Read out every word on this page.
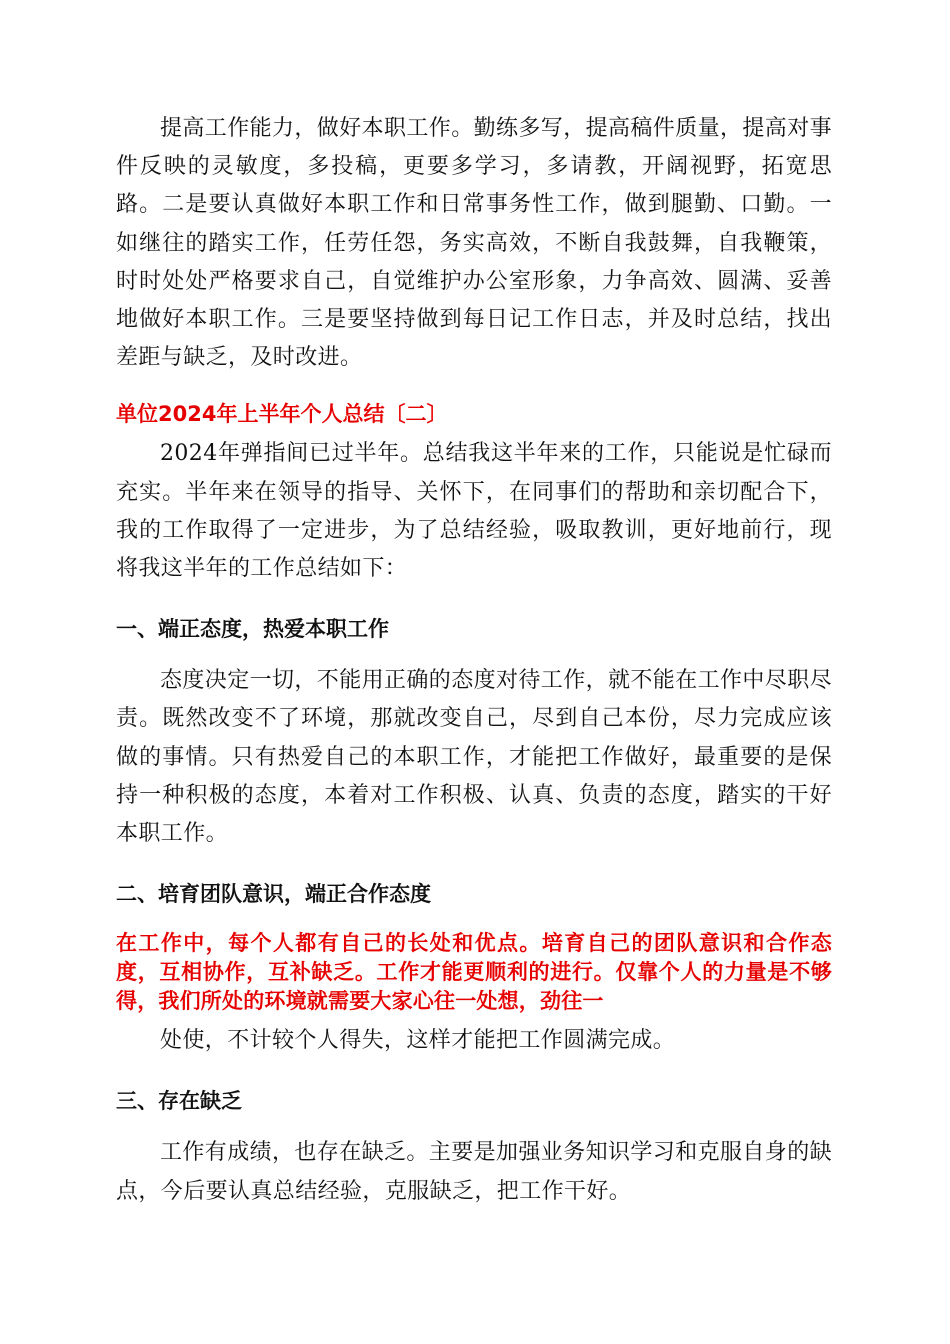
提高工作能力，做好本职工作。勤练多写，提高稿件质量，提高对事件反映的灵敏度，多投稿，更要多学习，多请教，开阔视野，拓宽思路。二是要认真做好本职工作和日常事务性工作，做到腿勤、口勤。一如继往的踏实工作，任劳任怨，务实高效，不断自我鼓舞，自我鞭策，时时处处严格要求自己，自觉维护办公室形象，力争高效、圆满、妥善地做好本职工作。三是要坚持做到每日记工作日志，并及时总结，找出差距与缺乏，及时改进。

单位2024年上半年个人总结〔二〕

2024年弹指间已过半年。总结我这半年来的工作，只能说是忙碌而充实。半年来在领导的指导、关怀下，在同事们的帮助和亲切配合下，我的工作取得了一定进步，为了总结经验，吸取教训，更好地前行，现将我这半年的工作总结如下：

一、端正态度，热爱本职工作

态度决定一切，不能用正确的态度对待工作，就不能在工作中尽职尽责。既然改变不了环境，那就改变自己，尽到自己本份，尽力完成应该做的事情。只有热爱自己的本职工作，才能把工作做好，最重要的是保持一种积极的态度，本着对工作积极、认真、负责的态度，踏实的干好本职工作。

二、培育团队意识，端正合作态度

在工作中，每个人都有自己的长处和优点。培育自己的团队意识和合作态度，互相协作，互补缺乏。工作才能更顺利的进行。仅靠个人的力量是不够得，我们所处的环境就需要大家心往一处想，劲往一

处使，不计较个人得失，这样才能把工作圆满完成。

三、存在缺乏

工作有成绩，也存在缺乏。主要是加强业务知识学习和克服自身的缺点，今后要认真总结经验，克服缺乏，把工作干好。
